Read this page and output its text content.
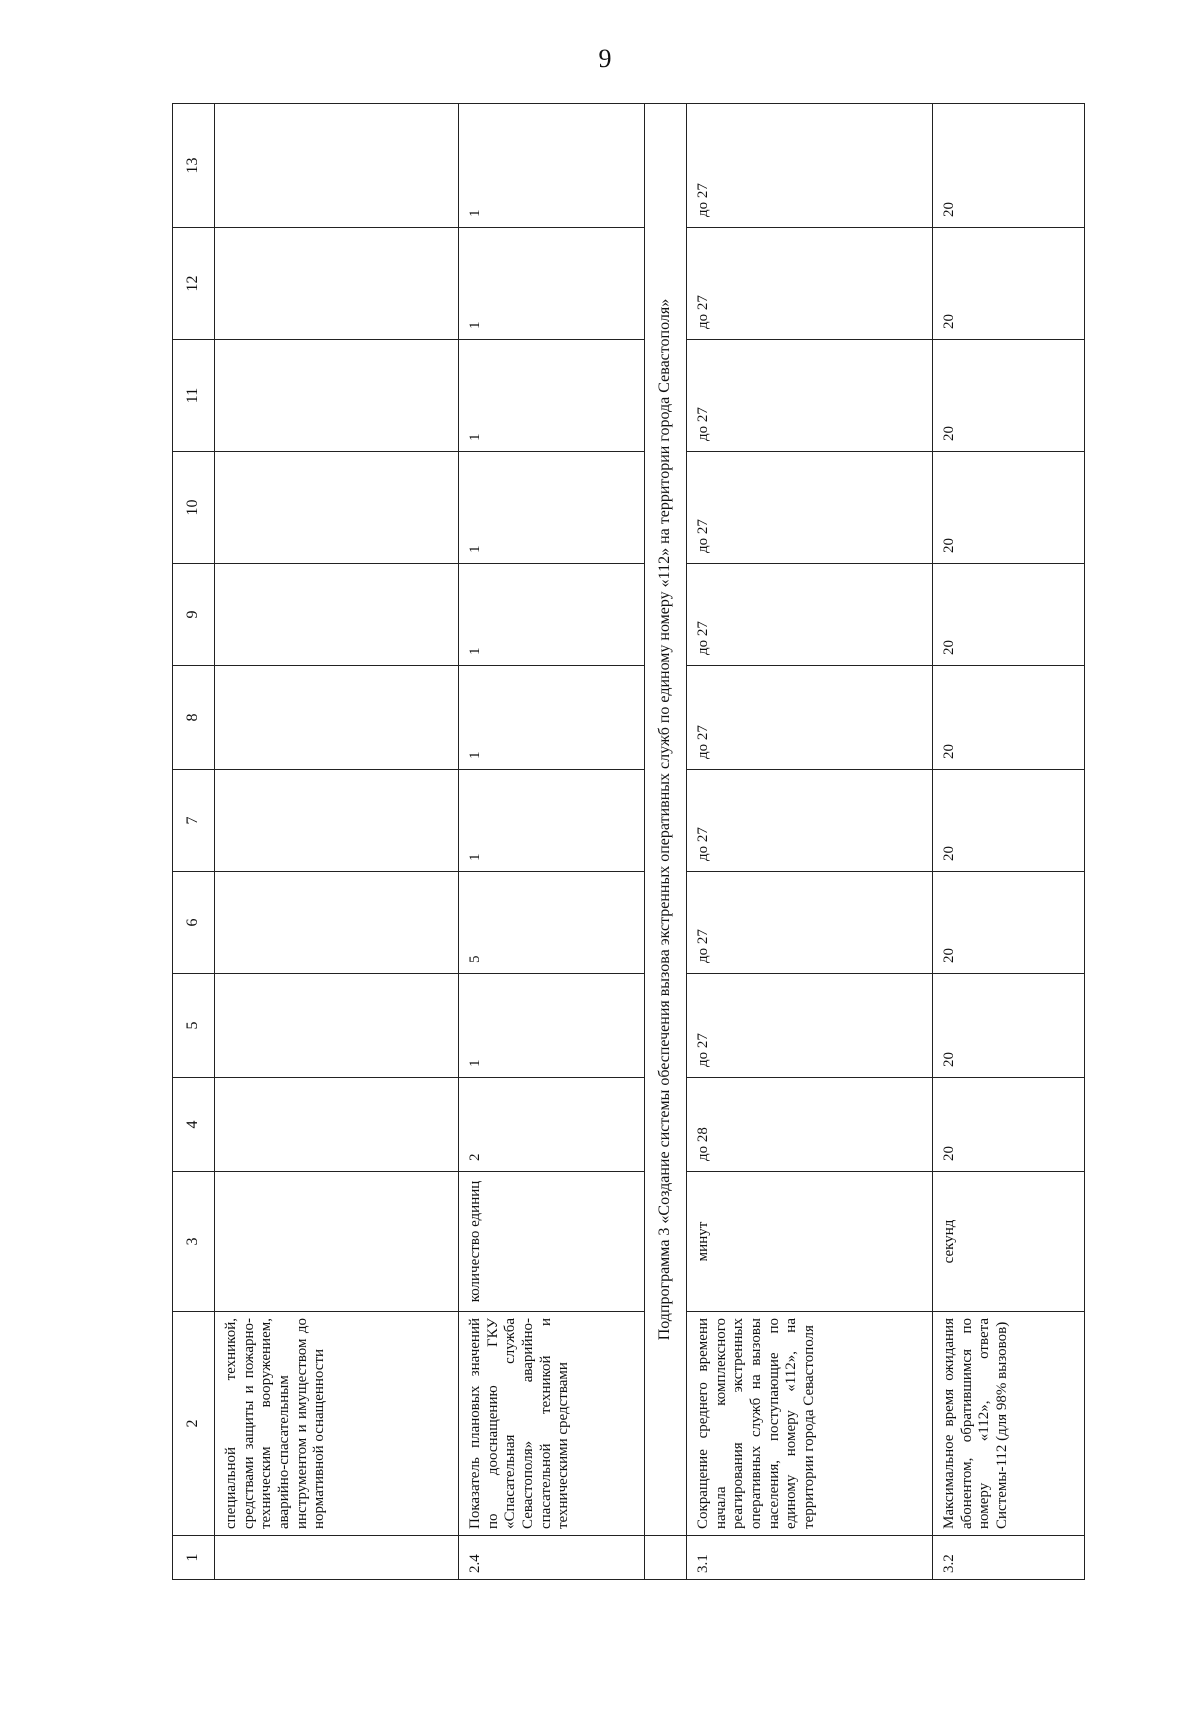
9
1	2	3	4	5	6	7	8	9	10	11	12	13
	специальной техникой, средствами защиты и пожарно-техническим вооружением, аварийно-спасательным инструментом и имуществом до нормативной оснащенности											
2.4	Показатель плановых значений по дооснащению ГКУ «Спасательная служба Севастополя» аварийно-спасательной техникой и техническими средствами	количество единиц	2	1	5	1	1	1	1	1	1	1
	Подпрограмма 3 «Создание системы обеспечения вызова экстренных оперативных служб по единому номеру «112» на территории города Севастополя»											
3.1	Сокращение среднего времени начала комплексного реагирования экстренных оперативных служб на вызовы населения, поступающие по единому номеру «112», на территории города Севастополя	минут	до 28	до 27	до 27	до 27	до 27	до 27	до 27	до 27	до 27	до 27
3.2	Максимальное время ожидания абонентом, обратившимся по номеру «112», ответа Системы-112 (для 98% вызовов)	секунд	20	20	20	20	20	20	20	20	20	20
